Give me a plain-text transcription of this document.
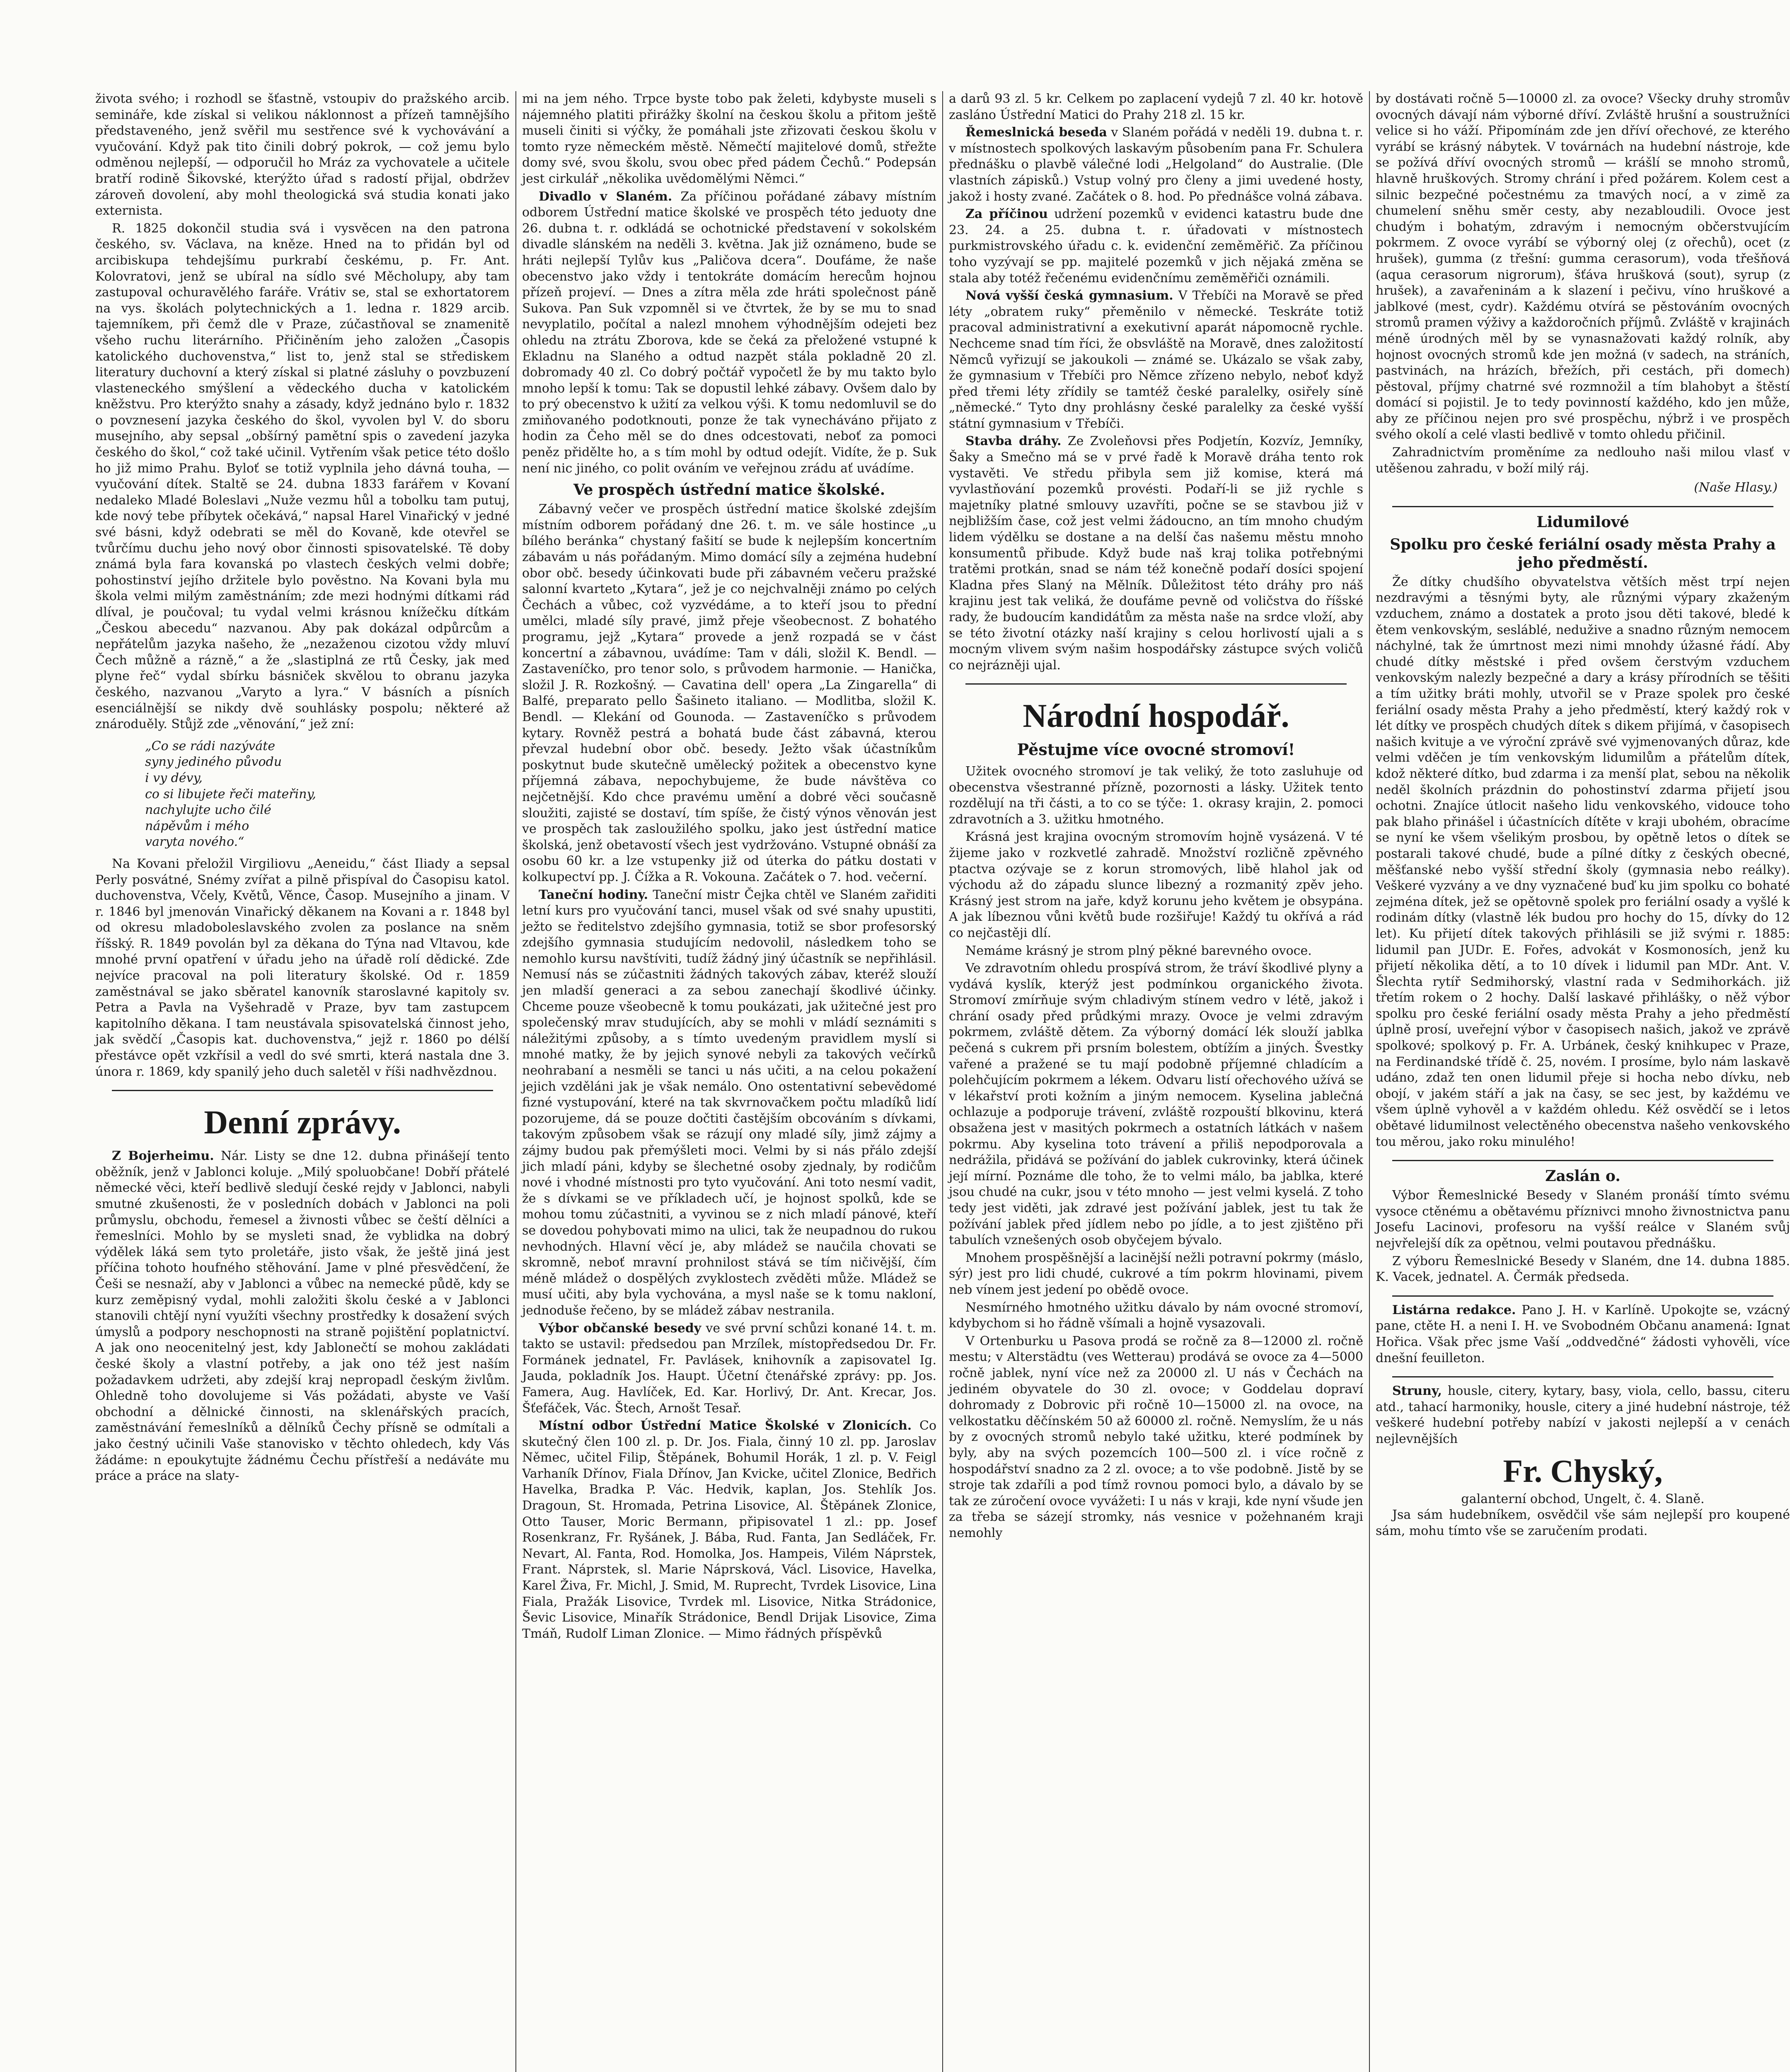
života svého; i rozhodl se šťastně, vstoupiv do pražského arcib. semináře, kde získal si velikou náklonnost a přízeň tamnějšího představeného, jenž svěřil mu sestřence své k vychovávání a vyučování. Když pak tito činili dobrý pokrok, — což jemu bylo odměnou nejlepší, — odporučil ho Mráz za vychovatele a učitele bratří rodině Šikovské, kterýžto úřad s radostí přijal, obdržev zároveň dovolení, aby mohl theologická svá studia konati jako externista.

R. 1825 dokončil studia svá i vysvěcen na den patrona českého, sv. Václava, na kněze. Hned na to přidán byl od arcibiskupa tehdejšímu purkrabí českému, p. Fr. Ant. Kolovratovi, jenž se ubíral na sídlo své Měcholupy, aby tam zastupoval ochuravělého faráře. Vrátiv se, stal se exhortatorem na vys. školách polytechnických a 1. ledna r. 1829 arcib. tajemníkem, při čemž dle v Praze, zúčastňoval se znamenitě všeho ruchu literárního. Přičiněním jeho založen „Časopis katolického duchovenstva,“ list to, jenž stal se střediskem literatury duchovní a který získal si platné zásluhy o povzbuzení vlasteneckého smýšlení a vědeckého ducha v katolickém kněžstvu. Pro kterýžto snahy a zásady, když jednáno bylo r. 1832 o povznesení jazyka českého do škol, vyvolen byl V. do sboru musejního, aby sepsal „obšírný pamětní spis o zavedení jazyka českého do škol,“ což také učinil. Vytřením však petice této došlo ho již mimo Prahu. Byloť se totiž vyplnila jeho dávná touha, — vyučování dítek. Staltě se 24. dubna 1833 farářem v Kovaní nedaleko Mladé Boleslavi „Nuže vezmu hůl a tobolku tam putuj, kde nový tebe příbytek očekává,“ napsal Harel Vinařický v jedné své básni, když odebrati se měl do Kovaně, kde otevřel se tvůrčímu duchu jeho nový obor činnosti spisovatelské. Tě doby známá byla fara kovanská po vlastech českých velmi dobře; pohostinství jejího držitele bylo pověstno. Na Kovani byla mu škola velmi milým zaměstnáním; zde mezi hodnými dítkami rád dlíval, je poučoval; tu vydal velmi krásnou knížečku dítkám „Českou abecedu“ nazvanou. Aby pak dokázal odpůrcům a nepřátelům jazyka našeho, že „nezaženou cizotou vždy mluví Čech můžně a rázně,“ a že „slastiplná ze rtů Česky, jak med plyne řeč“ vydal sbírku básniček skvělou to obranu jazyka českého, nazvanou „Varyto a lyra.“ V básních a písních esenciálnější se nikdy dvě souhlásky pospolu; některé až znároduěly. Stůjž zde „věnování,“ jež zní:

„Co se rádi nazýváte
syny jediného původu
i vy dévy,
co si libujete řeči mateřiny,
nachylujte ucho čilé
nápěvům i mého
varyta nového.“

Na Kovani přeložil Virgiliovu „Aeneidu,“ část Iliady a sepsal Perly posvátné, Snémy zvířat a pilně přispíval do Časopisu katol. duchovenstva, Včely, Květů, Věnce, Časop. Musejního a jinam. V r. 1846 byl jmenován Vinařický děkanem na Kovani a r. 1848 byl od okresu mladoboleslavského zvolen za poslance na sněm říšský. R. 1849 povolán byl za děkana do Týna nad Vltavou, kde mnohé první opatření v úřadu jeho na úřadě rolí dědické. Zde nejvíce pracoval na poli literatury školské. Od r. 1859 zaměstnával se jako sběratel kanovník staroslavné kapitoly sv. Petra a Pavla na Vyšehradě v Praze, byv tam zastupcem kapitolního děkana. I tam neustávala spisovatelská činnost jeho, jak svědčí „Časopis kat. duchovenstva,“ jejž r. 1860 po délší přestávce opět vzkřísil a vedl do své smrti, která nastala dne 3. února r. 1869, kdy spanilý jeho duch saletěl v říši nadhvězdnou.

Denní zprávy.

Z Bojerheimu. Nár. Listy se dne 12. dubna přinášejí tento oběžník, jenž v Jablonci koluje. „Milý spoluobčane! Dobří přátelé německé věci, kteří bedlivě sledují české rejdy v Jablonci, nabyli smutné zkušenosti, že v posledních dobách v Jablonci na poli průmyslu, obchodu, řemesel a živnosti vůbec se čeští dělníci a řemeslníci. Mohlo by se mysleti snad, že vyblidka na dobrý výdělek láká sem tyto proletáře, jisto však, že ještě jiná jest příčina tohoto houfného stěhování. Jame v plné přesvědčení, že Češi se nesnaží, aby v Jablonci a vůbec na nemecké půdě, kdy se kurz zeměpisný vydal, mohli založiti školu české a v Jablonci stanovili chtějí nyní využíti všechny prostředky k dosažení svých úmyslů a podpory neschopnosti na straně pojištění poplatnictví. A jak ono neocenitelný jest, kdy Jablonečtí se mohou zakládati české školy a vlastní potřeby, a jak ono též jest naším požadavkem udržeti, aby zdejší kraj nepropadl českým živlům. Ohledně toho dovolujeme si Vás požádati, abyste ve Vaší obchodní a dělnické činnosti, na sklenářských pracích, zaměstnávání řemeslníků a dělníků Čechy přísně se odmítali a jako čestný učinili Vaše stanovisko v těchto ohledech, kdy Vás žádáme: n epoukytujte žádnému Čechu přístřeší a nedáváte mu práce a práce na slaty-

mi na jem ného. Trpce byste tobo pak želeti, kdybyste museli s nájemného platiti přirážky školní na českou školu a přitom ještě museli činiti si výčky, že pomáhali jste zřizovati českou školu v tomto ryze německém městě. Němečtí majitelové domů, střežte domy své, svou školu, svou obec před pádem Čechů.“ Podepsán jest cirkulář „několika uvědomělými Němci.“

Divadlo v Slaném. Za příčinou pořádané zábavy místním odborem Ústřední matice školské ve prospěch této jeduoty dne 26. dubna t. r. odkládá se ochotnické představení v sokolském divadle slánském na neděli 3. května. Jak již oznámeno, bude se hráti nejlepší Tylův kus „Paličova dcera“. Doufáme, že naše obecenstvo jako vždy i tentokráte domácím herecům hojnou přízeň projeví. — Dnes a zítra měla zde hráti společnost páně Sukova. Pan Suk vzpomněl si ve čtvrtek, že by se mu to snad nevyplatilo, počítal a nalezl mnohem výhodnějším odejeti bez ohledu na ztrátu Zborova, kde se čeká za přeložené vstupné k Ekladnu na Slaného a odtud nazpět stála pokladně 20 zl. dobromady 40 zl. Co dobrý počtář vypočetl že by mu takto bylo mnoho lepší k tomu: Tak se dopustil lehké zábavy. Ovšem dalo by to prý obecenstvo k užití za velkou výši. K tomu nedomluvil se do zmiňovaného podotknouti, ponze že tak vynecháváno přijato z hodin za Čeho měl se do dnes odcestovati, neboť za pomoci peněz přidělte ho, a s tím mohl by odtud odejít. Vidíte, že p. Suk není nic jiného, co polit ováním ve veřejnou zrádu ať uvádíme.

Ve prospěch ústřední matice školské.

Zábavný večer ve prospěch ústřední matice školské zdejším místním odborem pořádaný dne 26. t. m. ve sále hostince „u bílého beránka“ chystaný fašití se bude k nejlepším koncertním zábavám u nás pořádaným. Mimo domácí síly a zejména hudební obor obč. besedy účinkovati bude při zábavném večeru pražské salonní kvarteto „Kytara“, jež je co nejchvalněji známo po celých Čechách a vůbec, což vyzvédáme, a to kteří jsou to přední umělci, mladé síly pravé, jimž přeje všeobecnost. Z bohatého programu, jejž „Kytara“ provede a jenž rozpadá se v část koncertní a zábavnou, uvádíme: Tam v dáli, složil K. Bendl. — Zastaveníčko, pro tenor solo, s průvodem harmonie. — Hanička, složil J. R. Rozkošný. — Cavatina dell' opera „La Zingarella“ di Balfé, preparato pello Šašineto italiano. — Modlitba, složil K. Bendl. — Klekání od Gounoda. — Zastaveníčko s průvodem kytary. Rovněž pestrá a bohatá bude část zábavná, kterou převzal hudební obor obč. besedy. Ježto však účastníkům poskytnut bude skutečně umělecký požitek a obecenstvo kyne příjemná zábava, nepochybujeme, že bude návštěva co nejčetnější. Kdo chce pravému umění a dobré věci současně sloužiti, zajisté se dostaví, tím spíše, že čistý výnos věnován jest ve prospěch tak zasloužilého spolku, jako jest ústřední matice školská, jenž obetavostí všech jest vydržováno. Vstupné obnáší za osobu 60 kr. a lze vstupenky již od úterka do pátku dostati v kolkupectví pp. J. Čížka a R. Vokouna. Začátek o 7. hod. večerní.

Taneční hodiny. Taneční mistr Čejka chtěl ve Slaném zařiditi letní kurs pro vyučování tanci, musel však od své snahy upustiti, ježto se ředitelstvo zdejšího gymnasia, totiž se sbor profesorský zdejšího gymnasia studujícím nedovolil, následkem toho se nemohlo kursu navštíviti, tudíž žádný jiný účastník se nepřihlásil. Nemusí nás se zúčastniti žádných takových zábav, kteréž slouží jen mladší generaci a za sebou zanechají škodlivé účinky. Chceme pouze všeobecně k tomu poukázati, jak užitečné jest pro společenský mrav studujících, aby se mohli v mládí seznámiti s náležitými způsoby, a s tímto uvedeným pravidlem myslí si mnohé matky, že by jejich synové nebyli za takových večírků neohrabaní a nesměli se tanci u nás učiti, a na celou pokažení jejich vzděláni jak je však nemálo. Ono ostentativní sebevědomé fizné vystupování, které na tak skvrnovačkem počtu mladíků lidí pozorujeme, dá se pouze dočtiti častějším obcováním s dívkami, takovým způsobem však se rázují ony mladé síly, jimž zájmy a zájmy budou pak přemýšleti moci. Velmi by si nás přálo zdejší jich mladí páni, kdyby se šlechetné osoby zjednaly, by rodičům nové i vhodné místnosti pro tyto vyučování. Ani toto nesmí vadit, že s dívkami se ve příkladech učí, je hojnost spolků, kde se mohou tomu zúčastniti, a vyvinou se z nich mladí pánové, kteří se dovedou pohybovati mimo na ulici, tak že neupadnou do rukou nevhodných. Hlavní věcí je, aby mládež se naučila chovati se skromně, neboť mravní prohnilost stává se tím ničivější, čím méně mládež o dospělých zvyklostech zvěděti může. Mládež se musí učiti, aby byla vychována, a mysl naše se k tomu nakloní, jednoduše řečeno, by se mládež zábav nestranila.

Výbor občanské besedy ve své první schůzi konané 14. t. m. takto se ustavil: předsedou pan Mrzílek, místopředsedou Dr. Fr. Formánek jednatel, Fr. Pavlásek, knihovník a zapisovatel Ig. Jauda, pokladník Jos. Haupt. Účetní čtenářské zprávy: pp. Jos. Famera, Aug. Havlíček, Ed. Kar. Horlivý, Dr. Ant. Krecar, Jos. Šťefáček, Vác. Štech, Arnošt Tesař.

Místní odbor Ústřední Matice Školské v Zlonicích. Co skutečný člen 100 zl. p. Dr. Jos. Fiala, činný 10 zl. pp. Jaroslav Němec, učitel Filip, Štěpánek, Bohumil Horák, 1 zl. p. V. Feigl Varhaník Dřínov, Fiala Dřínov, Jan Kvicke, učitel Zlonice, Bedřich Havelka, Bradka P. Vác. Hedvik, kaplan, Jos. Stehlík Jos. Dragoun, St. Hromada, Petrina Lisovice, Al. Štěpánek Zlonice, Otto Tauser, Moric Bermann, připisovatel 1 zl.: pp. Josef Rosenkranz, Fr. Ryšánek, J. Bába, Rud. Fanta, Jan Sedláček, Fr. Nevart, Al. Fanta, Rod. Homolka, Jos. Hampeis, Vilém Náprstek, Frant. Náprstek, sl. Marie Náprsková, Václ. Lisovice, Havelka, Karel Živa, Fr. Michl, J. Smid, M. Ruprecht, Tvrdek Lisovice, Lina Fiala, Pražák Lisovice, Tvrdek ml. Lisovice, Nitka Strádonice, Ševic Lisovice, Minařík Strádonice, Bendl Drijak Lisovice, Zima Tmáň, Rudolf Liman Zlonice. — Mimo řádných příspěvků

a darů 93 zl. 5 kr. Celkem po zaplacení vydejů 7 zl. 40 kr. hotově zasláno Ústřední Matici do Prahy 218 zl. 15 kr.

Řemeslnická beseda v Slaném pořádá v neděli 19. dubna t. r. v místnostech spolkových laskavým působením pana Fr. Schulera přednášku o plavbě válečné lodi „Helgoland“ do Australie. (Dle vlastních zápisků.) Vstup volný pro členy a jimi uvedené hosty, jakož i hosty zvané. Začátek o 8. hod. Po přednášce volná zábava.

Za příčinou udržení pozemků v evidenci katastru bude dne 23. 24. a 25. dubna t. r. úřadovati v místnostech purkmistrovského úřadu c. k. evidenční zeměměřič. Za příčinou toho vyzývají se pp. majitelé pozemků v jich nějaká změna se stala aby totéž řečenému evidenčnímu zeměměřiči oznámili.

Nová vyšší česká gymnasium. V Třebíči na Moravě se před léty „obratem ruky“ přeměnilo v německé. Teskráte totiž pracoval administrativní a exekutivní aparát nápomocně rychle. Nechceme snad tím říci, že obsvláště na Moravě, dnes založitostí Němců vyřizují se jakoukoli — známé se. Ukázalo se však zaby, že gymnasium v Třebíči pro Němce zřízeno nebylo, neboť když před třemi léty zřídily se tamtéž české paralelky, osiřely síně „německé.“ Tyto dny prohlásny české paralelky za české vyšší státní gymnasium v Třebíči.

Stavba dráhy. Ze Zvoleňovsi přes Podjetín, Kozvíz, Jemníky, Šaky a Smečno má se v prvé řadě k Moravě dráha tento rok vystavěti. Ve středu přibyla sem již komise, která má vyvlastňování pozemků provésti. Podaří-li se již rychle s majetníky platné smlouvy uzavříti, počne se se stavbou již v nejbližším čase, což jest velmi žádoucno, an tím mnoho chudým lidem výdělku se dostane a na delší čas našemu městu mnoho konsumentů přibude. Když bude naš kraj tolika potřebnými tratěmi protkán, snad se nám též konečně podaří dosíci spojení Kladna přes Slaný na Mělník. Důležitost této dráhy pro náš krajinu jest tak veliká, že doufáme pevně od voličstva do říšské rady, že budoucím kandidátům za města naše na srdce vloží, aby se této životní otázky naší krajiny s celou horlivostí ujali a s mocným vlivem svým našim hospodářsky zástupce svých voličů co nejrázněji ujal.

Národní hospodář.
Pěstujme více ovocné stromoví!

Užitek ovocného stromoví je tak veliký, že toto zasluhuje od obecenstva všestranné přízně, pozornosti a lásky. Užitek tento rozdělují na tři části, a to co se týče: 1. okrasy krajin, 2. pomoci zdravotních a 3. užitku hmotného.

Krásná jest krajina ovocným stromovím hojně vysázená. V té žijeme jako v rozkvetlé zahradě. Množství rozličně zpěvného ptactva ozývaje se z korun stromových, libě hlahol jak od východu až do západu slunce libezný a rozmanitý zpěv jeho. Krásný jest strom na jaře, když korunu jeho květem je obsypána. A jak líbeznou vůni květů bude rozšiřuje! Každý tu okřívá a rád co nejčastěji dlí.

Nemáme krásný je strom plný pěkné barevného ovoce.

Ve zdravotním ohledu prospívá strom, že tráví škodlivé plyny a vydává kyslík, kterýž jest podmínkou organického života. Stromoví zmírňuje svým chladivým stínem vedro v létě, jakož i chrání osady před průdkými mrazy. Ovoce je velmi zdravým pokrmem, zvláště dětem. Za výborný domácí lék slouží jablka pečená s cukrem při prsním bolestem, obtížím a jiných. Švestky vařené a pražené se tu mají podobně příjemné chladícím a polehčujícím pokrmem a lékem. Odvaru listí ořechového užívá se v lékařství proti kožním a jiným nemocem. Kyselina jablečná ochlazuje a podporuje trávení, zvláště rozpouští blkovinu, která obsažena jest v masitých pokrmech a ostatních látkách v našem pokrmu. Aby kyselina toto trávení a přiliš nepodporovala a nedrážila, přidává se požívání do jablek cukrovinky, která účinek její mírní. Poznáme dle toho, že to velmi málo, ba jablka, které jsou chudé na cukr, jsou v této mnoho — jest velmi kyselá. Z toho tedy jest viděti, jak zdravé jest požívání jablek, jest tu tak že požívání jablek před jídlem nebo po jídle, a to jest zjištěno při tabulích vznešených osob obyčejem bývalo.

Mnohem prospěšnější a lacinější nežli potravní pokrmy (máslo, sýr) jest pro lidi chudé, cukrové a tím pokrm hlovinami, pivem neb vínem jest jedení po obědě ovoce.

Nesmírného hmotného užitku dávalo by nám ovocné stromoví, kdybychom si ho řádně všímali a hojně vysazovali.

V Ortenburku u Pasova prodá se ročně za 8—12000 zl. ročně mestu; v Alterstädtu (ves Wetterau) prodává se ovoce za 4—5000 ročně jablek, nyní více než za 20000 zl. U nás v Čechách na jediném obyvatele do 30 zl. ovoce; v Goddelau dopraví dohromady z Dobrovic při ročně 10—15000 zl. na ovoce, na velkostatku děčínském 50 až 60000 zl. ročně. Nemyslím, že u nás by z ovocných stromů nebylo také užitku, které podmínek by byly, aby na svých pozemcích 100—500 zl. i více ročně z hospodářství snadno za 2 zl. ovoce; a to vše podobně. Jistě by se stroje tak zdaříli a pod tímž rovnou pomoci bylo, a dávalo by se tak ze zúročení ovoce vyvážeti: I u nás v kraji, kde nyní všude jen za třeba se sázejí stromky, nás vesnice v požehnaném kraji nemohly

by dostávati ročně 5—10000 zl. za ovoce? Všecky druhy stromův ovocných dávají nám výborné dříví. Zvláště hrušní a soustružníci velice si ho váží. Připomínám zde jen dříví ořechové, ze kterého vyrábí se krásný nábytek. V továrnách na hudební nástroje, kde se požívá dříví ovocných stromů — krášlí se mnoho stromů, hlavně hruškových. Stromy chrání i před požárem. Kolem cest a silnic bezpečné počestnému za tmavých nocí, a v zimě za chumelení sněhu směr cesty, aby nezabloudili. Ovoce jest chudým i bohatým, zdravým i nemocným občerstvujícím pokrmem. Z ovoce vyrábí se výborný olej (z ořechů), ocet (z hrušek), gumma (z třešní: gumma cerasorum), voda třešňová (aqua cerasorum nigrorum), šťáva hrušková (sout), syrup (z hrušek), a zavařeninám a k slazení i pečivu, víno hruškové a jablkové (mest, cydr). Každému otvírá se pěstováním ovocných stromů pramen výživy a každoročních příjmů. Zvláště v krajinách méně úrodných měl by se vynasnažovati každý rolník, aby hojnost ovocných stromů kde jen možná (v sadech, na stráních, pastvinách, na hrázích, břežích, při cestách, při domech) pěstoval, příjmy chatrné své rozmnožil a tím blahobyt a štěstí domácí si pojistil. Je to tedy povinností každého, kdo jen může, aby ze příčinou nejen pro své prospěchu, nýbrž i ve prospěch svého okolí a celé vlasti bedlivě v tomto ohledu přičinil.

Zahradnictvím proměníme za nedlouho naši milou vlasť v utěšenou zahradu, v boží milý ráj.

(Naše Hlasy.)
Lidumilové
Spolku pro české feriální osady města Prahy a jeho předměstí.

Že dítky chudšího obyvatelstva větších měst trpí nejen nezdravými a těsnými byty, ale různými výpary zkaženým vzduchem, známo a dostatek a proto jsou děti takové, bledé k ětem venkovským, sesláblé, nedužive a snadno různým nemocem náchylné, tak že úmrtnost mezi nimi mnohdy úžasné řádí. Aby chudé dítky městské i před ovšem čerstvým vzduchem venkovským nalezly bezpečné a dary a krásy přírodních se těšiti a tím užitky bráti mohly, utvořil se v Praze spolek pro české feriální osady města Prahy a jeho předměstí, který každý rok v lét dítky ve prospěch chudých dítek s dikem přijímá, v časopisech našich kvituje a ve výroční zprávě své vyjmenovaných důraz, kde velmi vděčen je tím venkovským lidumilům a přátelům dítek, kdož některé dítko, bud zdarma i za menší plat, sebou na několik neděl školních prázdnin do pohostinství zdarma přijetí jsou ochotni. Znajíce útlocit našeho lidu venkovského, vidouce toho pak blaho přinášel i účastnících dítěte v kraji ubohém, obracíme se nyní ke všem všelikým prosbou, by opětně letos o dítek se postarali takové chudé, bude a pílné dítky z českých obecné, měšťanské nebo vyšší střední školy (gymnasia nebo reálky). Veškeré vyzvány a ve dny vyznačené buď ku jim spolku co bohaté zejména dítek, jež se opětovně spolek pro feriální osady a vyšlé k rodinám dítky (vlastně lék budou pro hochy do 15, dívky do 12 let). Ku přijetí dítek takových přihlásili se již svými r. 1885: lidumil pan JUDr. E. Fořes, advokát v Kosmonosích, jenž ku přijetí několika dětí, a to 10 dívek i lidumil pan MDr. Ant. V. Šlechta rytíř Sedmihorský, vlastní rada v Sedmihorkách. již třetím rokem o 2 hochy. Další laskavé přihlášky, o něž výbor spolku pro české feriální osady města Prahy a jeho předměstí úplně prosí, uveřejní výbor v časopisech našich, jakož ve zprávě spolkové; spolkový p. Fr. A. Urbánek, český knihkupec v Praze, na Ferdinandské třídě č. 25, novém. I prosíme, bylo nám laskavě udáno, zdaž ten onen lidumil přeje si hocha nebo dívku, neb obojí, v jakém stáří a jak na časy, se sec jest, by každému ve všem úplně vyhověl a v každém ohledu. Kéž osvědčí se i letos obětavé lidumilnost velectěného obecenstva našeho venkovského tou měrou, jako roku minulého!

Zaslán o.

Výbor Řemeslnické Besedy v Slaném pronáší tímto svému vysoce ctěnému a obětavému příznivci mnoho živnostnictva panu Josefu Lacinovi, profesoru na vyšší reálce v Slaném svůj nejvřelejší dík za opětnou, velmi poutavou přednášku.

Z výboru Řemeslnické Besedy v Slaném, dne 14. dubna 1885. K. Vacek, jednatel. A. Čermák předseda.

Listárna redakce. Pano J. H. v Karlíně. Upokojte se, vzácný pane, ctěte H. a neni I. H. ve Svobodném Občanu anamená: Ignat Hořica. Však přec jsme Vaší „oddvedčné“ žádosti vyhověli, více dnešní feuilleton.

Struny, housle, citery, kytary, basy, viola, cello, bassu, citeru atd., tahací harmoniky, housle, citery a jiné hudební nástroje, též veškeré hudební potřeby nabízí v jakosti nejlepší a v cenách nejlevnějších

Fr. Chyský,
galanterní obchod, Ungelt, č. 4. Slaně.

Jsa sám hudebníkem, osvědčil vše sám nejlepší pro koupené sám, mohu tímto vše se zaručením prodati.
